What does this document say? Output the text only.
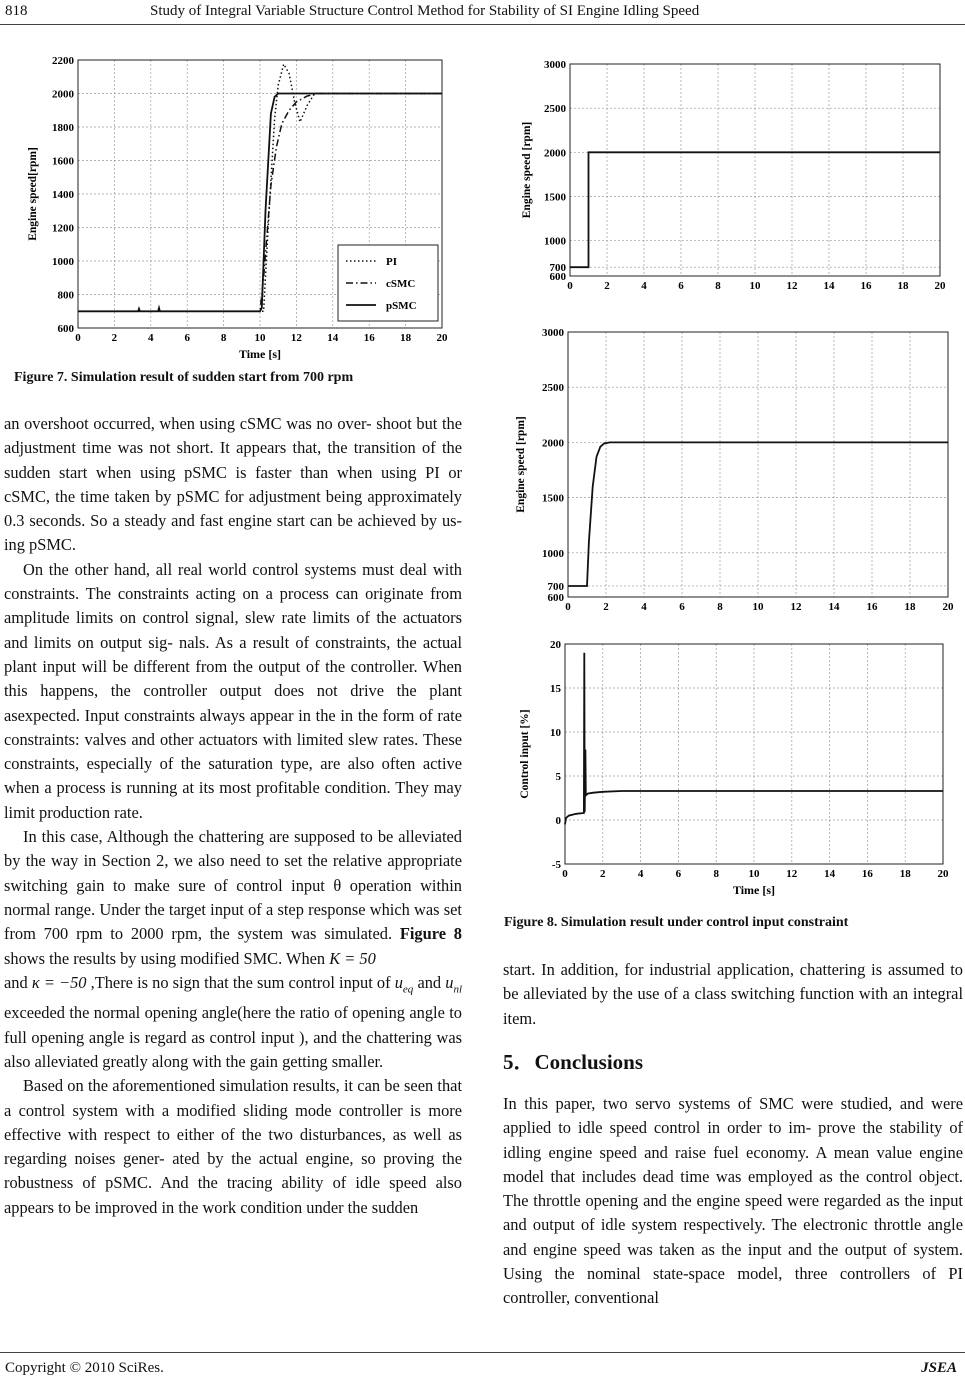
818	Study of Integral Variable Structure Control Method for Stability of SI Engine Idling Speed
0	2	4	6	8	10 12 14 16 18 20
600
800
1000
1200
1400
1600
1800
2000
2200
Engine speed[rpm]
Time [s]
PI
cSMC
pSMC
Figure 7. Simulation result of sudden start from 700 rpm
0	2	4	6	8	10 12 14 16 18 20
600
700
1000
1500
2000
2500
3000
Engine speed [rpm]
0	2	4	6	8	10 12 14 16 18 20
600
700
1000
1500
2000
2500
3000
Engine speed [rpm]
0	2	4	6	8	10 12 14 16 18 20
-5
0
5
10
15
20
Control input [%]
Time [s]
Figure 8. Simulation result under control input constraint

an overshoot occurred, when using cSMC was no over- shoot but the adjustment time was not short. It appears that, the transition of the sudden start when using pSMC is faster than when using PI or cSMC, the time taken by pSMC for adjustment being approximately 0.3 seconds. So a steady and fast engine start can be achieved by us- ing pSMC.

On the other hand, all real world control systems must deal with constraints. The constraints acting on a process can originate from amplitude limits on control signal, slew rate limits of the actuators and limits on output sig- nals. As a result of constraints, the actual plant input will be different from the output of the controller. When this happens, the controller output does not drive the plant asexpected. Input constraints always appear in the in the form of rate constraints: valves and other actuators with limited slew rates. These constraints, especially of the saturation type, are also often active when a process is running at its most profitable condition. They may limit production rate.

In this case, Although the chattering are supposed to be alleviated by the way in Section 2, we also need to set the relative appropriate switching gain to make sure of control input θ operation within normal range. Under the target input of a step response which was set from 700 rpm to 2000 rpm, the system was simulated. Figure 8 shows the results by using modified SMC. When K = 50
and κ = −50 ,There is no sign that the sum control input of $u_{eq}$ and $u_{nl}$ exceeded the normal opening angle(here the ratio of opening angle to full opening angle is regard as control input ), and the chattering was also alleviated greatly along with the gain getting smaller.

Based on the aforementioned simulation results, it can be seen that a control system with a modified sliding mode controller is more effective with respect to either of the two disturbances, as well as regarding noises gener- ated by the actual engine, so proving the robustness of pSMC. And the tracing ability of idle speed also appears to be improved in the work condition under the sudden

start. In addition, for industrial application, chattering is assumed to be alleviated by the use of a class switching function with an integral item.

5．Conclusions

In this paper, two servo systems of SMC were studied, and were applied to idle speed control in order to im- prove the stability of idling engine speed and raise fuel economy. A mean value engine model that includes dead time was employed as the control object. The throttle opening and the engine speed were regarded as the input and output of idle system respectively. The electronic throttle angle and engine speed was taken as the input and the output of system. Using the nominal state-space model, three controllers of PI controller, conventional

Copyright © 2010 SciRes.	JSEA
